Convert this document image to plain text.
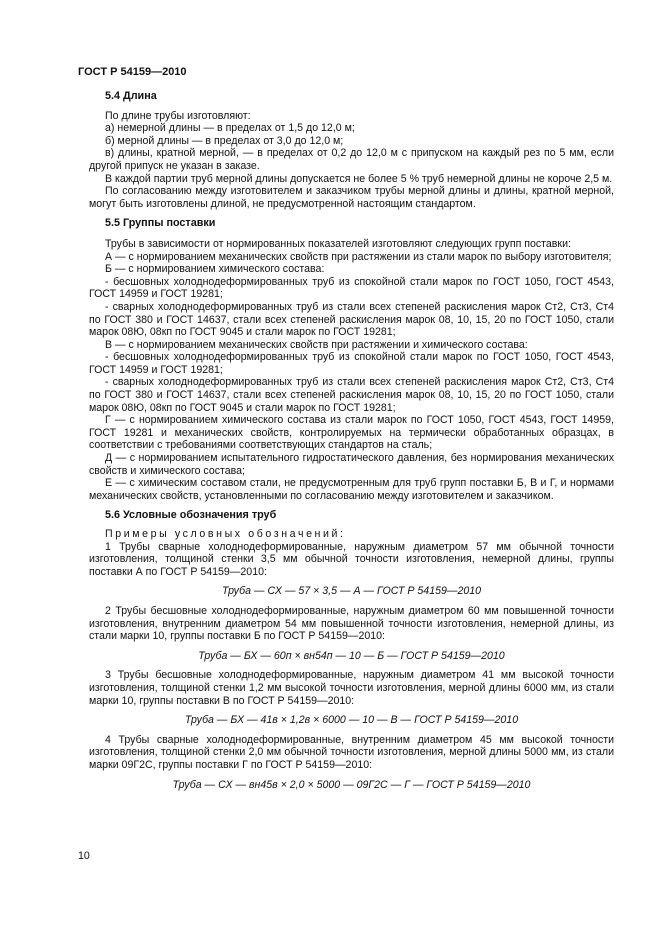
ГОСТ Р 54159—2010
5.4 Длина

По длине трубы изготовляют:

а) немерной длины — в пределах от 1,5 до 12,0 м;

б) мерной длины — в пределах от 3,0 до 12,0 м;

в) длины, кратной мерной, — в пределах от 0,2 до 12,0 м с припуском на каждый рез по 5 мм, если другой припуск не указан в заказе.

В каждой партии труб мерной длины допускается не более 5 % труб немерной длины не короче 2,5 м.

По согласованию между изготовителем и заказчиком трубы мерной длины и длины, кратной мерной, могут быть изготовлены длиной, не предусмотренной настоящим стандартом.

5.5 Группы поставки

Трубы в зависимости от нормированных показателей изготовляют следующих групп поставки:

А — с нормированием механических свойств при растяжении из стали марок по выбору изготовителя;

Б — с нормированием химического состава:

- бесшовных холоднодеформированных труб из спокойной стали марок по ГОСТ 1050, ГОСТ 4543, ГОСТ 14959 и ГОСТ 19281;

- сварных холоднодеформированных труб из стали всех степеней раскисления марок Ст2, Ст3, Ст4 по ГОСТ 380 и ГОСТ 14637, стали всех степеней раскисления марок 08, 10, 15, 20 по ГОСТ 1050, стали марок 08Ю, 08кп по ГОСТ 9045 и стали марок по ГОСТ 19281;

В — с нормированием механических свойств при растяжении и химического состава:

- бесшовных холоднодеформированных труб из спокойной стали марок по ГОСТ 1050, ГОСТ 4543, ГОСТ 14959 и ГОСТ 19281;

- сварных холоднодеформированных труб из стали всех степеней раскисления марок Ст2, Ст3, Ст4 по ГОСТ 380 и ГОСТ 14637, стали всех степеней раскисления марок 08, 10, 15, 20 по ГОСТ 1050, стали марок 08Ю, 08кп по ГОСТ 9045 и стали марок по ГОСТ 19281;

Г — с нормированием химического состава из стали марок по ГОСТ 1050, ГОСТ 4543, ГОСТ 14959, ГОСТ 19281 и механических свойств, контролируемых на термически обработанных образцах, в соответствии с требованиями соответствующих стандартов на сталь;

Д — с нормированием испытательного гидростатического давления, без нормирования механических свойств и химического состава;

Е — с химическим составом стали, не предусмотренным для труб групп поставки Б, В и Г, и нормами механических свойств, установленными по согласованию между изготовителем и заказчиком.

5.6 Условные обозначения труб

Примеры условных обозначений:

1 Трубы сварные холоднодеформированные, наружным диаметром 57 мм обычной точности изготовления, толщиной стенки 3,5 мм обычной точности изготовления, немерной длины, группы поставки А по ГОСТ Р 54159—2010:

Труба — СХ — 57 × 3,5 — А — ГОСТ Р 54159—2010

2 Трубы бесшовные холоднодеформированные, наружным диаметром 60 мм повышенной точности изготовления, внутренним диаметром 54 мм повышенной точности изготовления, немерной длины, из стали марки 10, группы поставки Б по ГОСТ Р 54159—2010:

Труба — БХ — 60п × вн54п — 10 — Б — ГОСТ Р 54159—2010

3 Трубы бесшовные холоднодеформированные, наружным диаметром 41 мм высокой точности изготовления, толщиной стенки 1,2 мм высокой точности изготовления, мерной длины 6000 мм, из стали марки 10, группы поставки В по ГОСТ Р 54159—2010:

Труба — БХ — 41в × 1,2в × 6000 — 10 — В — ГОСТ Р 54159—2010

4 Трубы сварные холоднодеформированные, внутренним диаметром 45 мм высокой точности изготовления, толщиной стенки 2,0 мм обычной точности изготовления, мерной длины 5000 мм, из стали марки 09Г2С, группы поставки Г по ГОСТ Р 54159—2010:

Труба — СХ — вн45в × 2,0 × 5000 — 09Г2С — Г — ГОСТ Р 54159—2010

10
